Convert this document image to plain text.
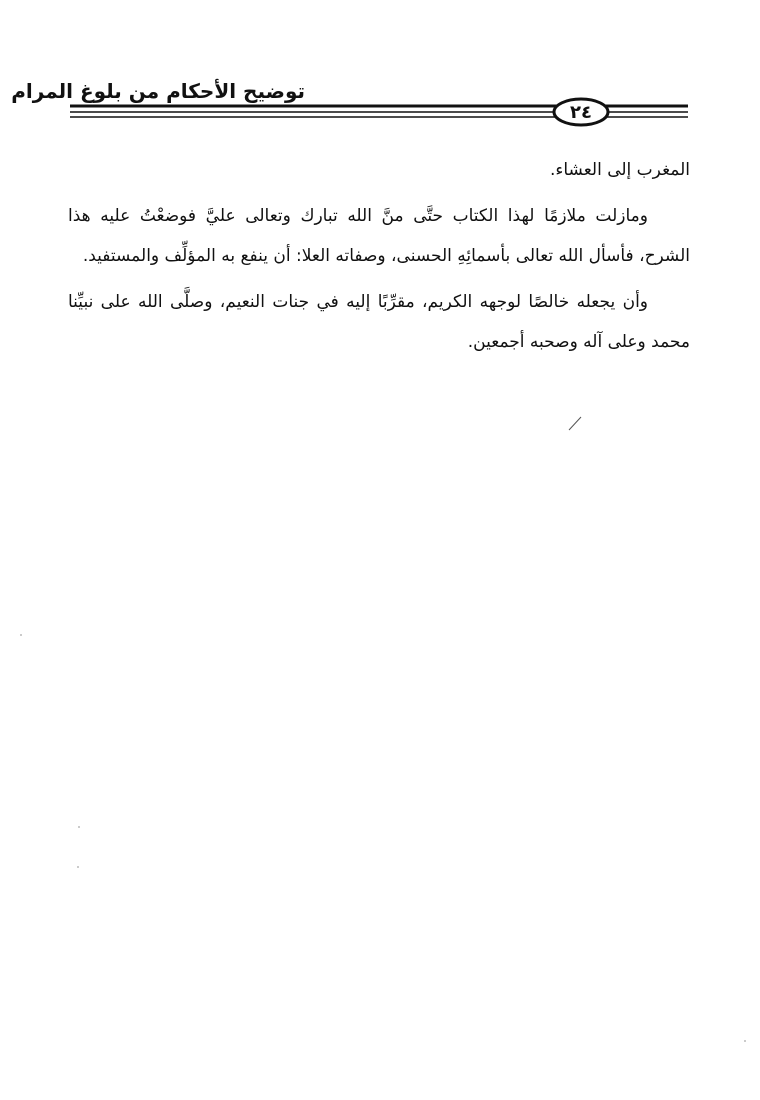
توضيح الأحكام من بلوغ المرام
٢٤

المغرب إلى العشاء.

ومازلت ملازمًا لهذا الكتاب حتَّى منَّ الله تبارك وتعالى عليَّ فوضعْتُ عليه هذا الشرح، فأسأل الله تعالى بأسمائِهِ الحسنى، وصفاته العلا: أن ينفع به المؤلِّف والمستفيد.

وأن يجعله خالصًا لوجهه الكريم، مقرِّبًا إليه في جنات النعيم، وصلَّى الله على نبيِّنا محمد وعلى آله وصحبه أجمعين.
